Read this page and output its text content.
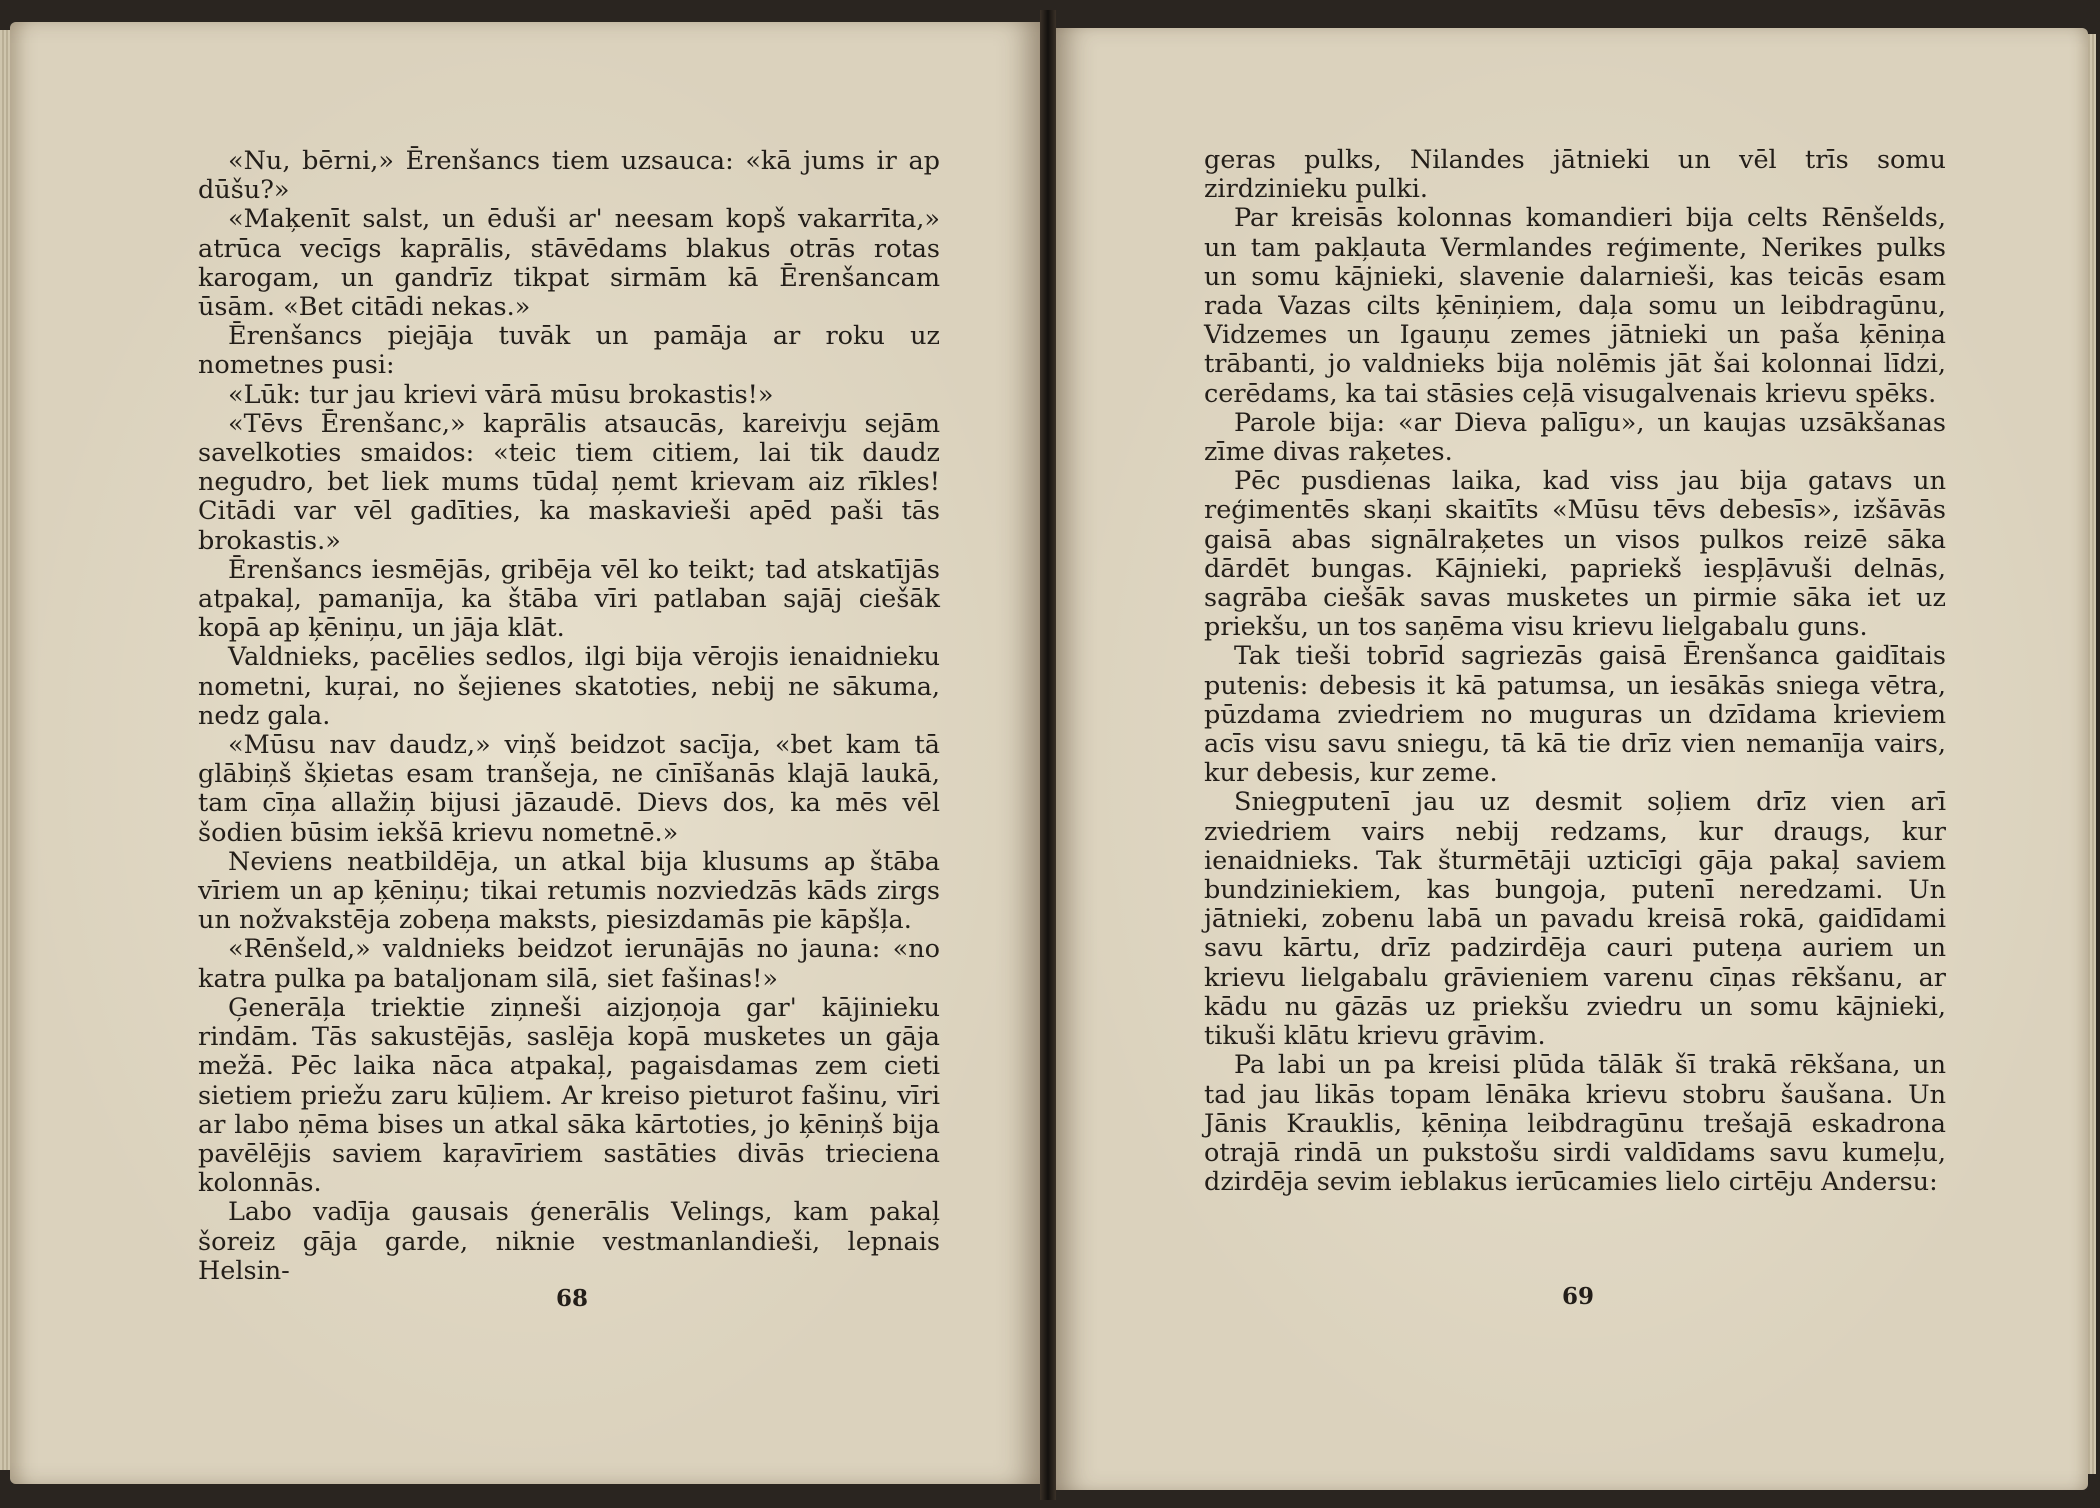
«Nu, bērni,» Ērenšancs tiem uzsauca: «kā jums ir ap dūšu?»

«Maķenīt salst, un ēduši ar' neesam kopš vakarrīta,» atrūca vecīgs kaprālis, stāvēdams blakus otrās rotas karogam, un gandrīz tikpat sirmām kā Ērenšancam ūsām. «Bet citādi nekas.»

Ērenšancs piejāja tuvāk un pamāja ar roku uz nometnes pusi:

«Lūk: tur jau krievi vārā mūsu brokastis!»

«Tēvs Ērenšanc,» kaprālis atsaucās, kareivju sejām savelkoties smaidos: «teic tiem citiem, lai tik daudz negudro, bet liek mums tūdaļ ņemt krievam aiz rīkles! Citādi var vēl gadīties, ka maskavieši apēd paši tās brokastis.»

Ērenšancs iesmējās, gribēja vēl ko teikt; tad atskatījās atpakaļ, pamanīja, ka štāba vīri patlaban sajāj ciešāk kopā ap ķēniņu, un jāja klāt.

Valdnieks, pacēlies sedlos, ilgi bija vērojis ienaidnieku nometni, kuŗai, no šejienes skatoties, nebij ne sākuma, nedz gala.

«Mūsu nav daudz,» viņš beidzot sacīja, «bet kam tā glābiņš šķietas esam tranšeja, ne cīnīšanās klajā laukā, tam cīņa allažiņ bijusi jāzaudē. Dievs dos, ka mēs vēl šodien būsim iekšā krievu nometnē.»

Neviens neatbildēja, un atkal bija klusums ap štāba vīriem un ap ķēniņu; tikai retumis nozviedzās kāds zirgs un nožvakstēja zobeņa maksts, piesizdamās pie kāpšļa.

«Rēnšeld,» valdnieks beidzot ierunājās no jauna: «no katra pulka pa bataljonam silā, siet fašinas!»

Ģenerāļa triektie ziņneši aizjoņoja gar' kājinieku rindām. Tās sakustējās, saslēja kopā musketes un gāja mežā. Pēc laika nāca atpakaļ, pagaisdamas zem cieti sietiem priežu zaru kūļiem. Ar kreiso pieturot fašinu, vīri ar labo ņēma bises un atkal sāka kārtoties, jo ķēniņš bija pavēlējis saviem kaŗavīriem sastāties divās trieciena kolonnās.

Labo vadīja gausais ģenerālis Velings, kam pakaļ šoreiz gāja garde, niknie vestmanlandieši, lepnais Helsin-

68

geras pulks, Nilandes jātnieki un vēl trīs somu zirdzinieku pulki.

Par kreisās kolonnas komandieri bija celts Rēnšelds, un tam pakļauta Vermlandes reģimente, Nerikes pulks un somu kājnieki, slavenie dalarnieši, kas teicās esam rada Vazas cilts ķēniņiem, daļa somu un leibdragūnu, Vidzemes un Igauņu zemes jātnieki un paša ķēniņa trābanti, jo valdnieks bija nolēmis jāt šai kolonnai līdzi, cerēdams, ka tai stāsies ceļā visugalvenais krievu spēks.

Parole bija: «ar Dieva palīgu», un kaujas uzsākšanas zīme divas raķetes.

Pēc pusdienas laika, kad viss jau bija gatavs un reģimentēs skaņi skaitīts «Mūsu tēvs debesīs», izšāvās gaisā abas signālraķetes un visos pulkos reizē sāka dārdēt bungas. Kājnieki, papriekš iespļāvuši delnās, sagrāba ciešāk savas musketes un pirmie sāka iet uz priekšu, un tos saņēma visu krievu lielgabalu guns.

Tak tieši tobrīd sagriezās gaisā Ērenšanca gaidītais putenis: debesis it kā patumsa, un iesākās sniega vētra, pūzdama zviedriem no muguras un dzīdama krieviem acīs visu savu sniegu, tā kā tie drīz vien nemanīja vairs, kur debesis, kur zeme.

Sniegputenī jau uz desmit soļiem drīz vien arī zviedriem vairs nebij redzams, kur draugs, kur ienaidnieks. Tak šturmētāji uzticīgi gāja pakaļ saviem bundziniekiem, kas bungoja, putenī neredzami. Un jātnieki, zobenu labā un pavadu kreisā rokā, gaidīdami savu kārtu, drīz padzirdēja cauri puteņa auriem un krievu lielgabalu grāvieniem varenu cīņas rēkšanu, ar kādu nu gāzās uz priekšu zviedru un somu kājnieki, tikuši klātu krievu grāvim.

Pa labi un pa kreisi plūda tālāk šī trakā rēkšana, un tad jau likās topam lēnāka krievu stobru šaušana. Un Jānis Krauklis, ķēniņa leibdragūnu trešajā eskadrona otrajā rindā un pukstošu sirdi valdīdams savu kumeļu, dzirdēja sevim ieblakus ierūcamies lielo cirtēju Andersu:

69
